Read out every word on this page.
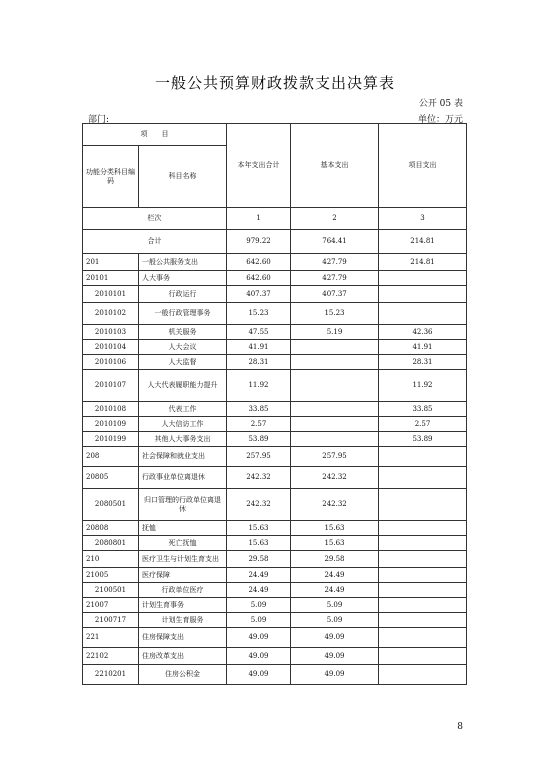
一般公共预算财政拨款支出决算表
公开 05 表
部门:	单位：万元
项　　目		本年支出合计	基本支出	项目支出
功能分类科目编码	科目名称			
栏次		1	2	3
合计		979.22	764.41	214.81
201	一般公共服务支出	642.60	427.79	214.81
20101	人大事务	642.60	427.79	
2010101	行政运行	407.37	407.37	
2010102	一般行政管理事务	15.23	15.23	
2010103	机关服务	47.55	5.19	42.36
2010104	人大会议	41.91		41.91
2010106	人大监督	28.31		28.31
2010107	人大代表履职能力提升	11.92		11.92
2010108	代表工作	33.85		33.85
2010109	人大信访工作	2.57		2.57
2010199	其他人大事务支出	53.89		53.89
208	社会保障和就业支出	257.95	257.95	
20805	行政事业单位离退休	242.32	242.32	
2080501	归口管理的行政单位离退休	242.32	242.32	
20808	抚恤	15.63	15.63	
2080801	死亡抚恤	15.63	15.63	
210	医疗卫生与计划生育支出	29.58	29.58	
21005	医疗保障	24.49	24.49	
2100501	行政单位医疗	24.49	24.49	
21007	计划生育事务	5.09	5.09	
2100717	计划生育服务	5.09	5.09	
221	住房保障支出	49.09	49.09	
22102	住房改革支出	49.09	49.09	
2210201	住房公积金	49.09	49.09	
8
